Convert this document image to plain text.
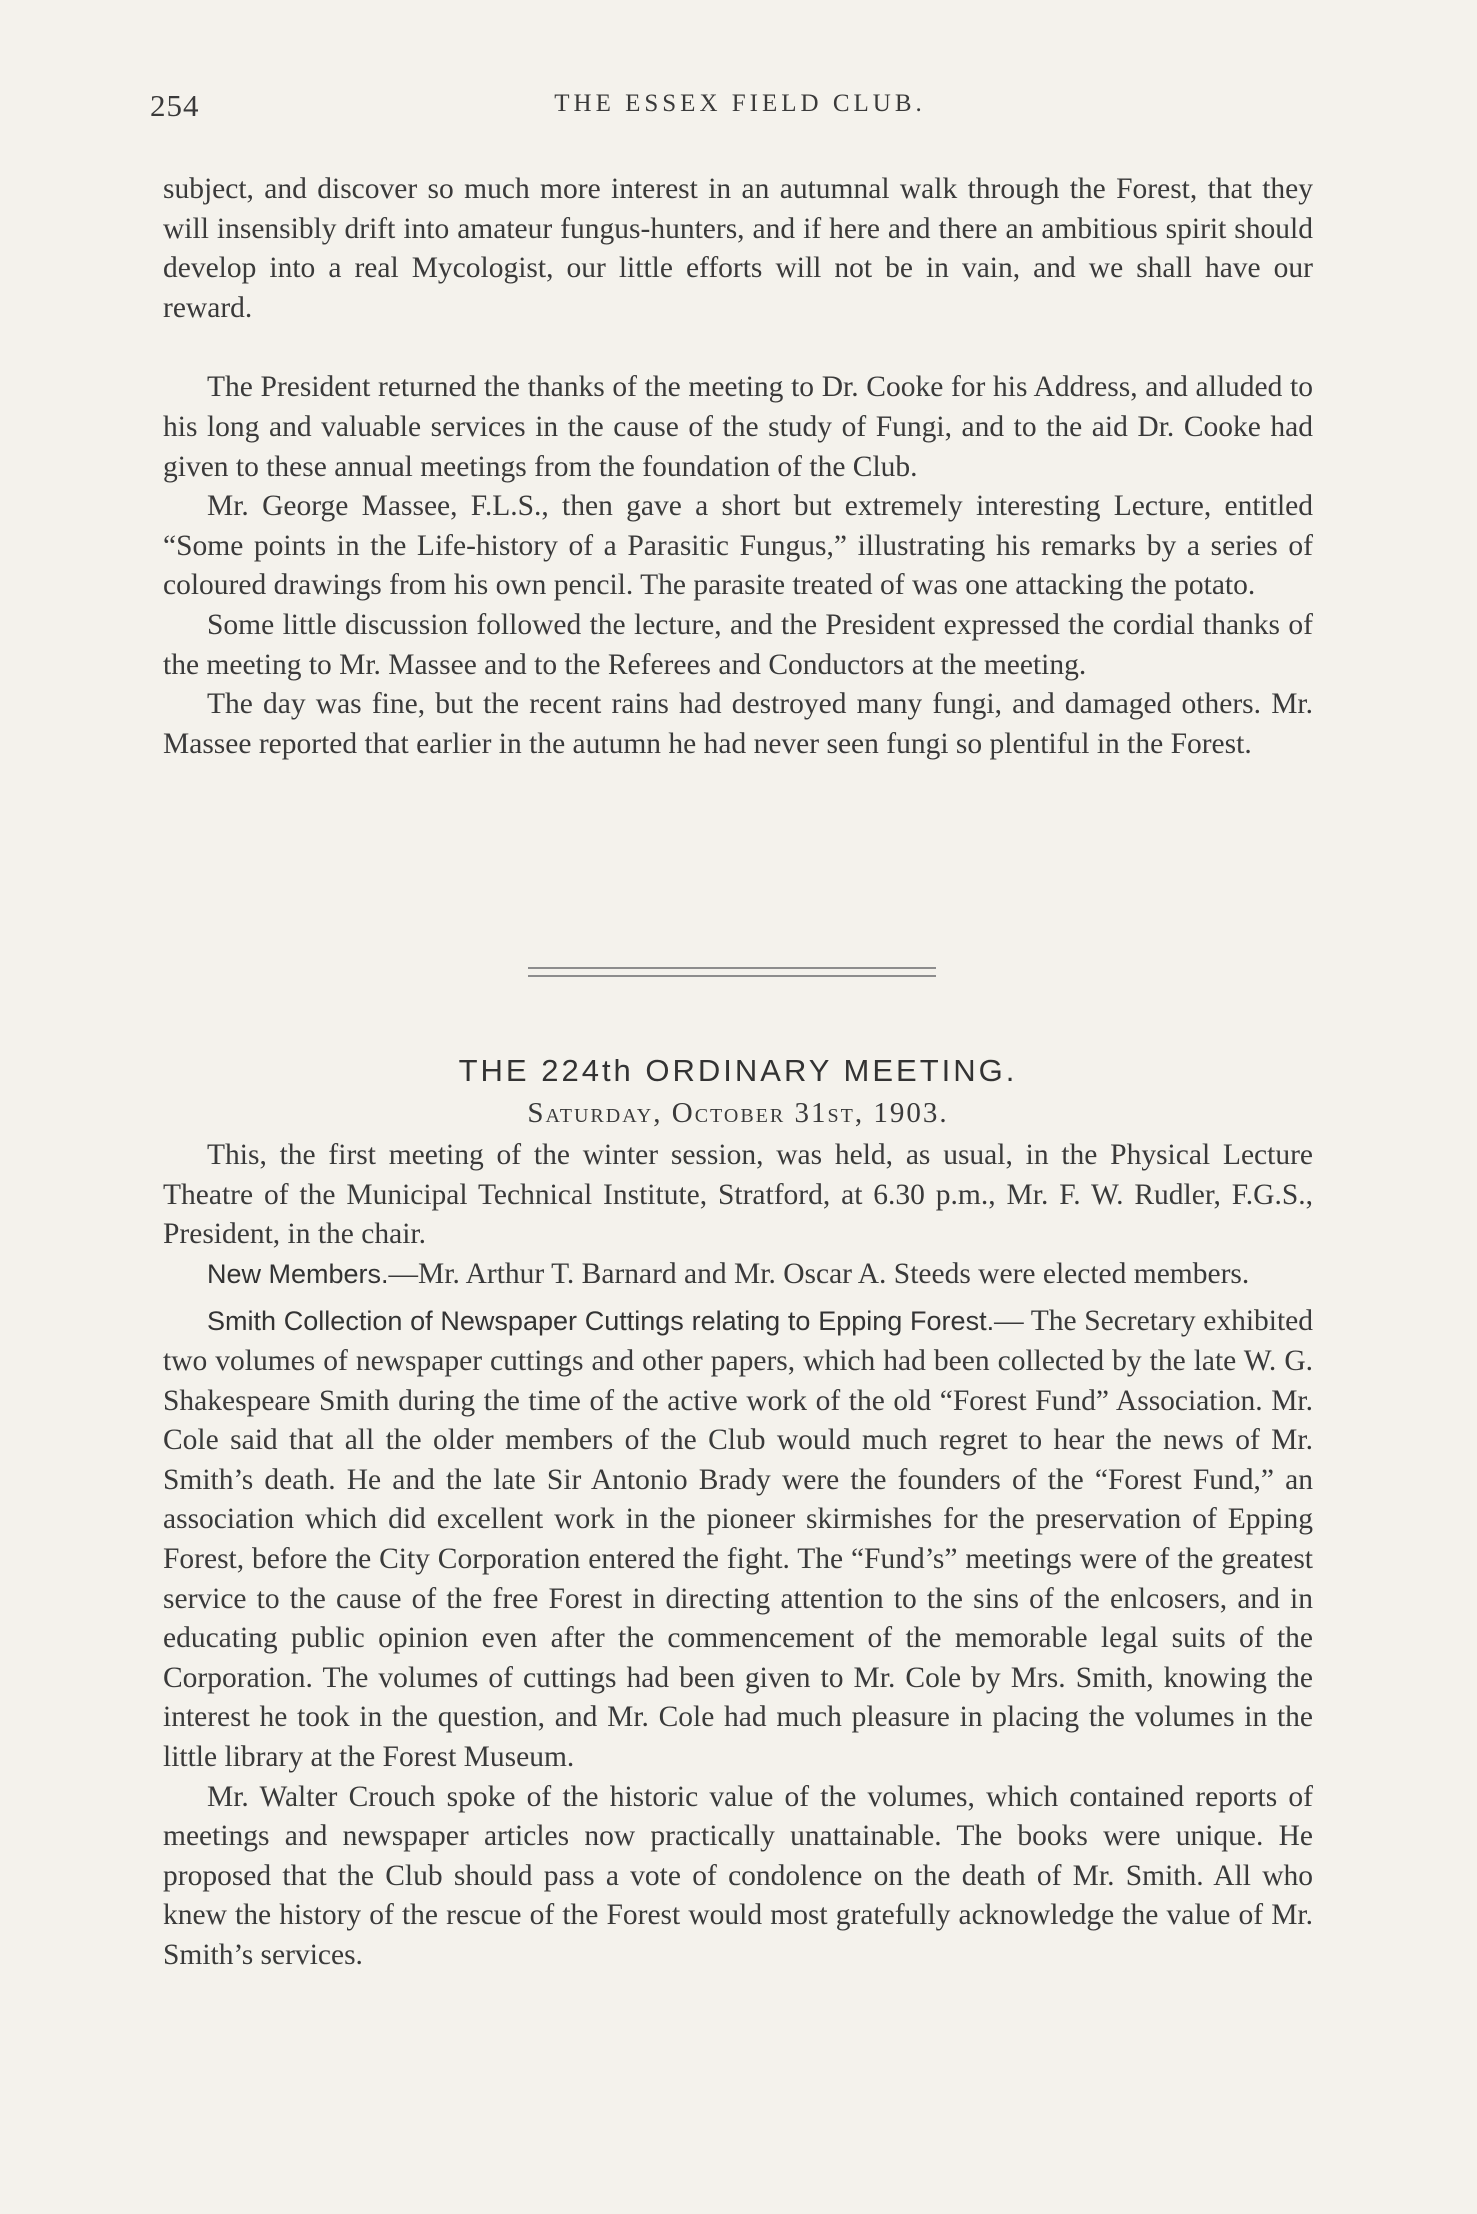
254	THE ESSEX FIELD CLUB.

subject, and discover so much more interest in an autumnal walk through the Forest, that they will insensibly drift into amateur fungus-hunters, and if here and there an ambitious spirit should develop into a real Mycologist, our little efforts will not be in vain, and we shall have our reward.

The President returned the thanks of the meeting to Dr. Cooke for his Address, and alluded to his long and valuable services in the cause of the study of Fungi, and to the aid Dr. Cooke had given to these annual meetings from the foundation of the Club.

Mr. George Massee, F.L.S., then gave a short but extremely interesting Lecture, entitled “Some points in the Life-history of a Parasitic Fungus,” illustrating his remarks by a series of coloured drawings from his own pencil. The parasite treated of was one attacking the potato.

Some little discussion followed the lecture, and the President expressed the cordial thanks of the meeting to Mr. Massee and to the Referees and Conductors at the meeting.

The day was fine, but the recent rains had destroyed many fungi, and damaged others. Mr. Massee reported that earlier in the autumn he had never seen fungi so plentiful in the Forest.

THE 224th ORDINARY MEETING.
Saturday, October 31st, 1903.

This, the first meeting of the winter session, was held, as usual, in the Physical Lecture Theatre of the Municipal Technical Institute, Stratford, at 6.30 p.m., Mr. F. W. Rudler, F.G.S., President, in the chair.

New Members.—Mr. Arthur T. Barnard and Mr. Oscar A. Steeds were elected members.

Smith Collection of Newspaper Cuttings relating to Epping Forest.— The Secretary exhibited two volumes of newspaper cuttings and other papers, which had been collected by the late W. G. Shakespeare Smith during the time of the active work of the old “Forest Fund” Association. Mr. Cole said that all the older members of the Club would much regret to hear the news of Mr. Smith’s death. He and the late Sir Antonio Brady were the founders of the “Forest Fund,” an association which did excellent work in the pioneer skirmishes for the preservation of Epping Forest, before the City Corporation entered the fight. The “Fund’s” meetings were of the greatest service to the cause of the free Forest in directing attention to the sins of the enlcosers, and in educating public opinion even after the commencement of the memorable legal suits of the Corporation. The volumes of cuttings had been given to Mr. Cole by Mrs. Smith, knowing the interest he took in the question, and Mr. Cole had much pleasure in placing the volumes in the little library at the Forest Museum.

Mr. Walter Crouch spoke of the historic value of the volumes, which contained reports of meetings and newspaper articles now practically unattainable. The books were unique. He proposed that the Club should pass a vote of condolence on the death of Mr. Smith. All who knew the history of the rescue of the Forest would most gratefully acknowledge the value of Mr. Smith’s services.
